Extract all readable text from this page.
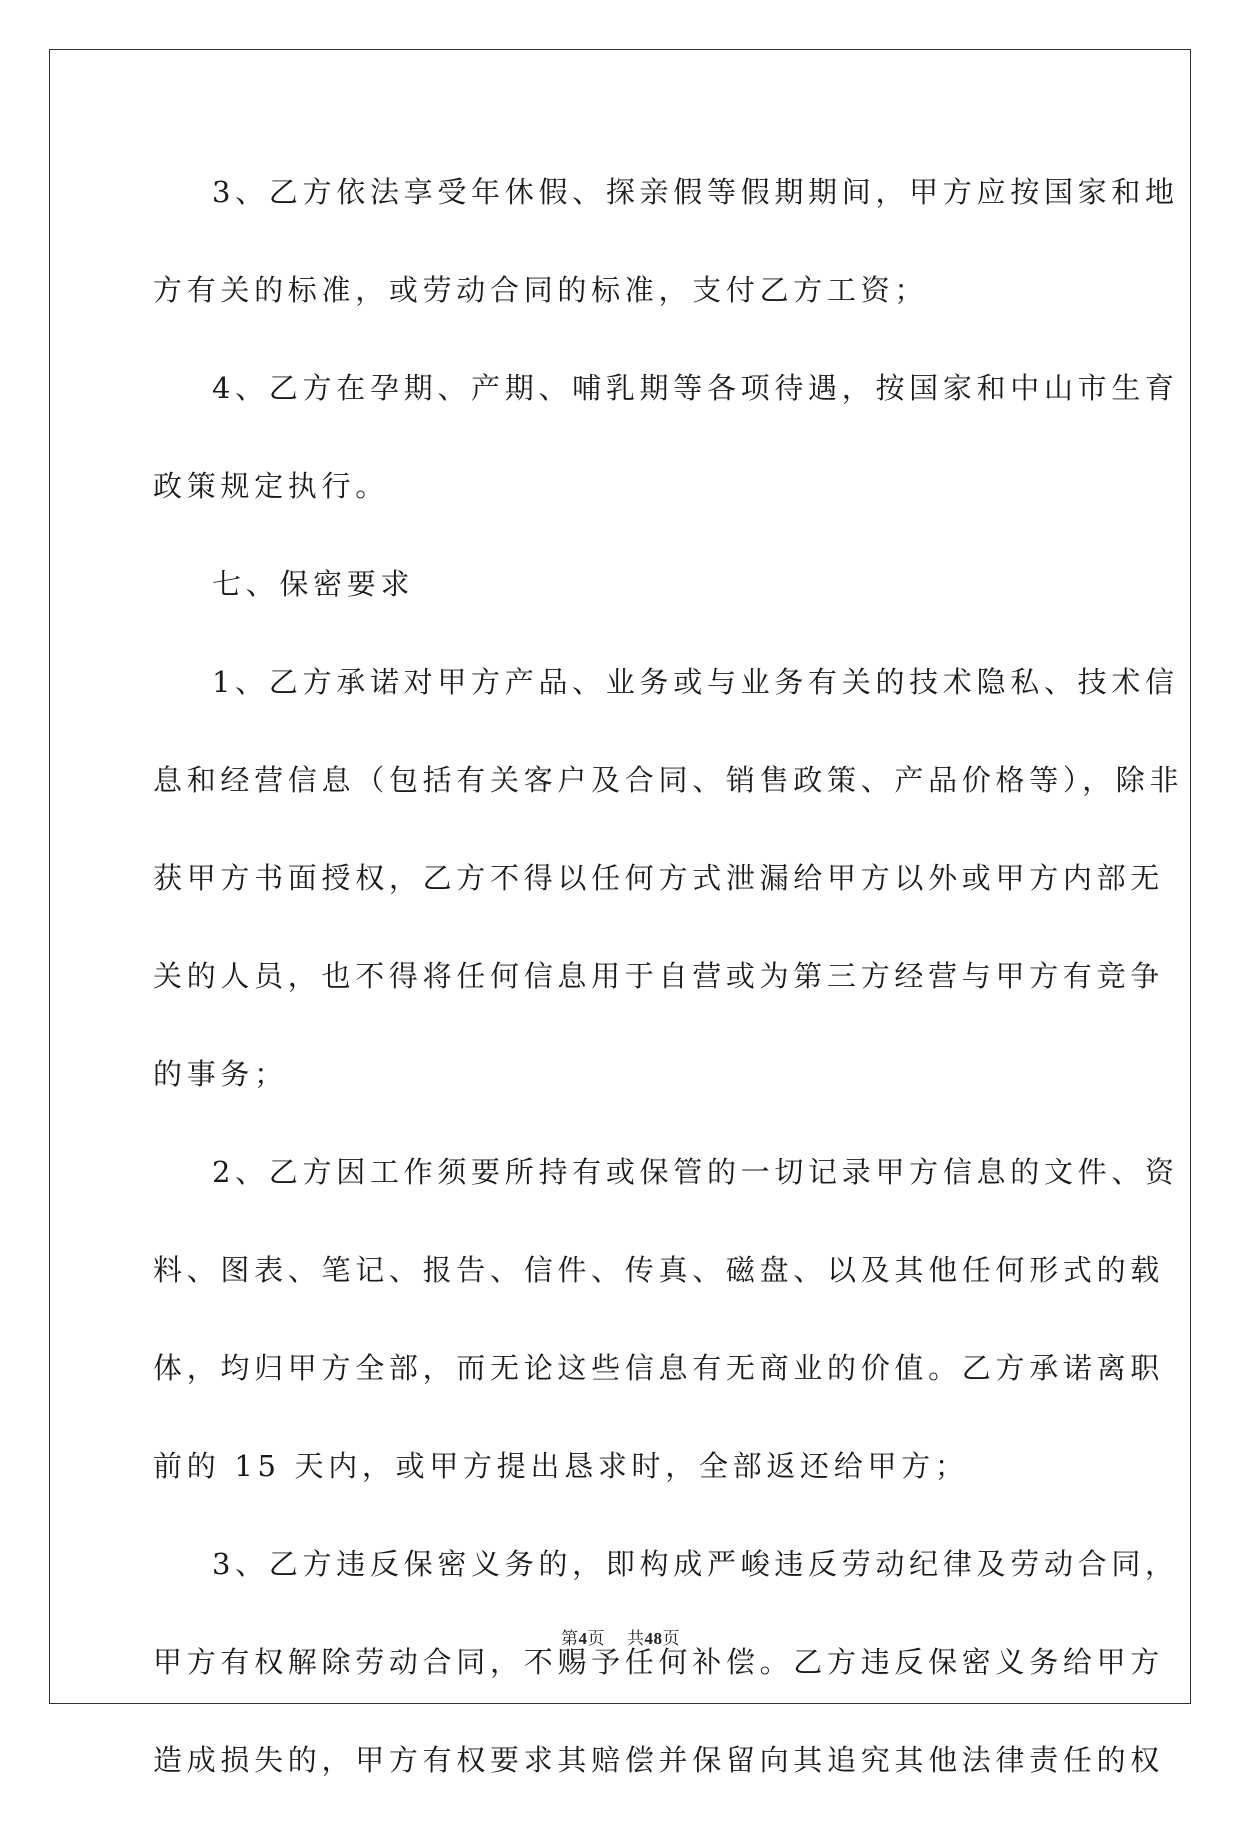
3、乙方依法享受年休假、探亲假等假期期间，甲方应按国家和地
方有关的标准，或劳动合同的标准，支付乙方工资；
4、乙方在孕期、产期、哺乳期等各项待遇，按国家和中山市生育
政策规定执行。
七、保密要求
1、乙方承诺对甲方产品、业务或与业务有关的技术隐私、技术信
息和经营信息（包括有关客户及合同、销售政策、产品价格等），除非
获甲方书面授权，乙方不得以任何方式泄漏给甲方以外或甲方内部无
关的人员，也不得将任何信息用于自营或为第三方经营与甲方有竞争
的事务；
2、乙方因工作须要所持有或保管的一切记录甲方信息的文件、资
料、图表、笔记、报告、信件、传真、磁盘、以及其他任何形式的载
体，均归甲方全部，而无论这些信息有无商业的价值。乙方承诺离职
前的 15 天内，或甲方提出恳求时，全部返还给甲方；
3、乙方违反保密义务的，即构成严峻违反劳动纪律及劳动合同，
甲方有权解除劳动合同，不赐予任何补偿。乙方违反保密义务给甲方
造成损失的，甲方有权要求其赔偿并保留向其追究其他法律责任的权
第4页 共48页
